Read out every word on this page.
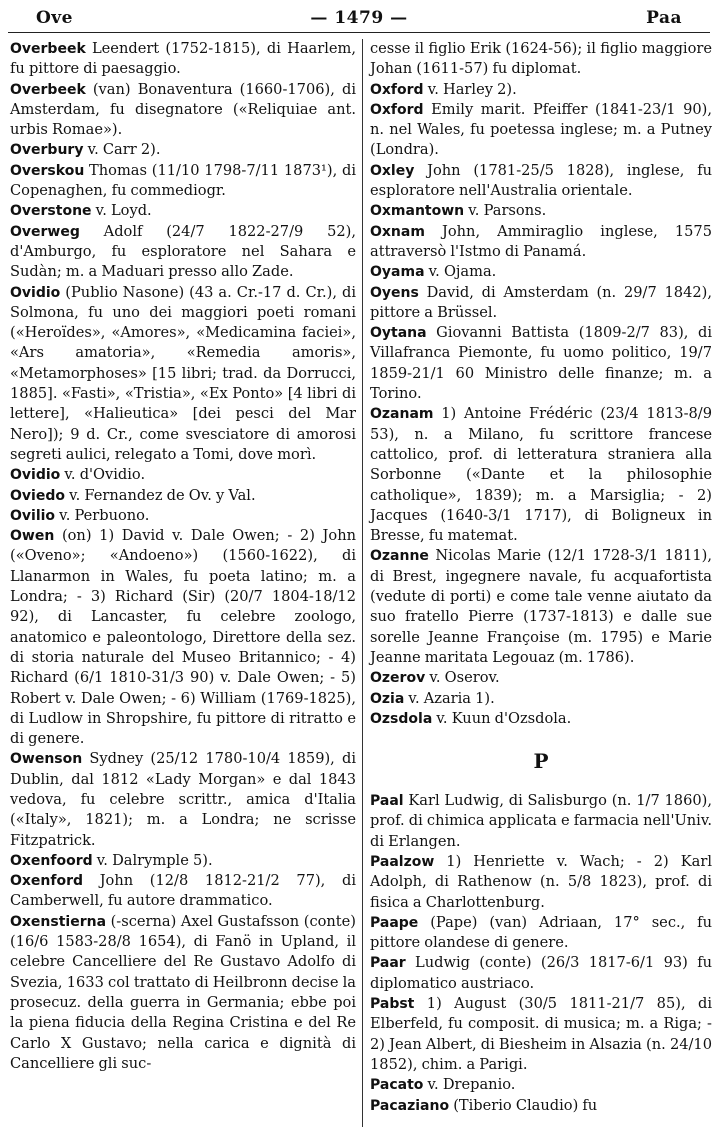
Ove	— 1479 —	Paa

Overbeek Leendert (1752-1815), di Haarlem, fu pittore di paesaggio.

Overbeek (van) Bonaventura (1660-1706), di Amsterdam, fu disegnatore («Reliquiae ant. urbis Romae»).

Overbury v. Carr 2).

Overskou Thomas (11/10 1798-7/11 1873¹), di Copenaghen, fu commediogr.

Overstone v. Loyd.

Overweg Adolf (24/7 1822-27/9 52), d'Amburgo, fu esploratore nel Sahara e Sudàn; m. a Maduari presso allo Zade.

Ovidio (Publio Nasone) (43 a. Cr.-17 d. Cr.), di Solmona, fu uno dei maggiori poeti romani («Heroïdes», «Amores», «Medicamina faciei», «Ars amatoria», «Remedia amoris», «Metamorphoses» [15 libri; trad. da Dorrucci, 1885]. «Fasti», «Tristia», «Ex Ponto» [4 libri di lettere], «Halieutica» [dei pesci del Mar Nero]); 9 d. Cr., come svesciatore di amorosi segreti aulici, relegato a Tomi, dove morì.

Ovidio v. d'Ovidio.

Oviedo v. Fernandez de Ov. y Val.

Ovilio v. Perbuono.

Owen (on) 1) David v. Dale Owen; - 2) John («Oveno»; «Andoeno») (1560-1622), di Llanarmon in Wales, fu poeta latino; m. a Londra; - 3) Richard (Sir) (20/7 1804-18/12 92), di Lancaster, fu celebre zoologo, anatomico e paleontologo, Direttore della sez. di storia naturale del Museo Britannico; - 4) Richard (6/1 1810-31/3 90) v. Dale Owen; - 5) Robert v. Dale Owen; - 6) William (1769-1825), di Ludlow in Shropshire, fu pittore di ritratto e di genere.

Owenson Sydney (25/12 1780-10/4 1859), di Dublin, dal 1812 «Lady Morgan» e dal 1843 vedova, fu celebre scrittr., amica d'Italia («Italy», 1821); m. a Londra; ne scrisse Fitzpatrick.

Oxenfoord v. Dalrymple 5).

Oxenford John (12/8 1812-21/2 77), di Camberwell, fu autore drammatico.

Oxenstierna (-scerna) Axel Gustafsson (conte) (16/6 1583-28/8 1654), di Fanö in Upland, il celebre Cancelliere del Re Gustavo Adolfo di Svezia, 1633 col trattato di Heilbronn decise la prosecuz. della guerra in Germania; ebbe poi la piena fiducia della Regina Cristina e del Re Carlo X Gustavo; nella carica e dignità di Cancelliere gli suc-

cesse il figlio Erik (1624-56); il figlio maggiore Johan (1611-57) fu diplomat.

Oxford v. Harley 2).

Oxford Emily marit. Pfeiffer (1841-23/1 90), n. nel Wales, fu poetessa inglese; m. a Putney (Londra).

Oxley John (1781-25/5 1828), inglese, fu esploratore nell'Australia orientale.

Oxmantown v. Parsons.

Oxnam John, Ammiraglio inglese, 1575 attraversò l'Istmo di Panamá.

Oyama v. Ojama.

Oyens David, di Amsterdam (n. 29/7 1842), pittore a Brüssel.

Oytana Giovanni Battista (1809-2/7 83), di Villafranca Piemonte, fu uomo politico, 19/7 1859-21/1 60 Ministro delle finanze; m. a Torino.

Ozanam 1) Antoine Frédéric (23/4 1813-8/9 53), n. a Milano, fu scrittore francese cattolico, prof. di letteratura straniera alla Sorbonne («Dante et la philosophie catholique», 1839); m. a Marsiglia; - 2) Jacques (1640-3/1 1717), di Boligneux in Bresse, fu matemat.

Ozanne Nicolas Marie (12/1 1728-3/1 1811), di Brest, ingegnere navale, fu acquafortista (vedute di porti) e come tale venne aiutato da suo fratello Pierre (1737-1813) e dalle sue sorelle Jeanne Françoise (m. 1795) e Marie Jeanne maritata Legouaz (m. 1786).

Ozerov v. Oserov.

Ozia v. Azaria 1).

Ozsdola v. Kuun d'Ozsdola.

P

Paal Karl Ludwig, di Salisburgo (n. 1/7 1860), prof. di chimica applicata e farmacia nell'Univ. di Erlangen.

Paalzow 1) Henriette v. Wach; - 2) Karl Adolph, di Rathenow (n. 5/8 1823), prof. di fisica a Charlottenburg.

Paape (Pape) (van) Adriaan, 17° sec., fu pittore olandese di genere.

Paar Ludwig (conte) (26/3 1817-6/1 93) fu diplomatico austriaco.

Pabst 1) August (30/5 1811-21/7 85), di Elberfeld, fu composit. di musica; m. a Riga; - 2) Jean Albert, di Biesheim in Alsazia (n. 24/10 1852), chim. a Parigi.

Pacato v. Drepanio.

Pacaziano (Tiberio Claudio) fu
